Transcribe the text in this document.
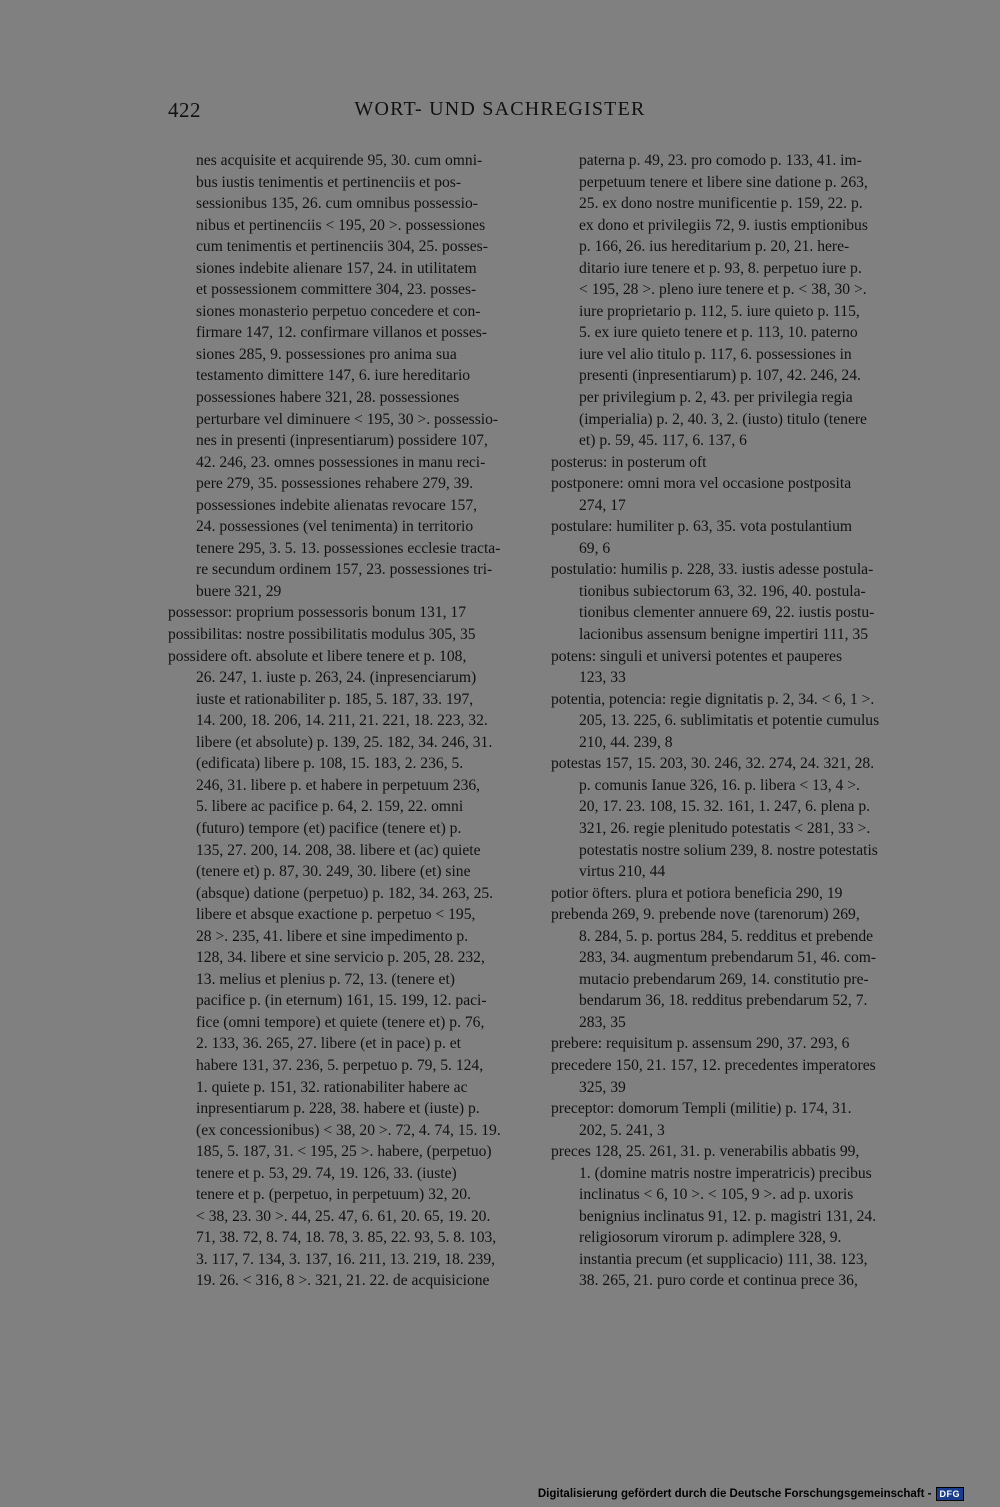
422	WORT- UND SACHREGISTER
nes acquisite et acquirende 95, 30. cum omni-
bus iustis tenimentis et pertinenciis et pos-
sessionibus 135, 26. cum omnibus possessio-
nibus et pertinenciis < 195, 20 >. possessiones
cum tenimentis et pertinenciis 304, 25. posses-
siones indebite alienare 157, 24. in utilitatem
et possessionem committere 304, 23. posses-
siones monasterio perpetuo concedere et con-
firmare 147, 12. confirmare villanos et posses-
siones 285, 9. possessiones pro anima sua
testamento dimittere 147, 6. iure hereditario
possessiones habere 321, 28. possessiones
perturbare vel diminuere < 195, 30 >. possessio-
nes in presenti (inpresentiarum) possidere 107,
42. 246, 23. omnes possessiones in manu reci-
pere 279, 35. possessiones rehabere 279, 39.
possessiones indebite alienatas revocare 157,
24. possessiones (vel tenimenta) in territorio
tenere 295, 3. 5. 13. possessiones ecclesie tracta-
re secundum ordinem 157, 23. possessiones tri-
buere 321, 29
possessor: proprium possessoris bonum 131, 17
possibilitas: nostre possibilitatis modulus 305, 35
possidere oft. absolute et libere tenere et p. 108,
26. 247, 1. iuste p. 263, 24. (inpresenciarum)
iuste et rationabiliter p. 185, 5. 187, 33. 197,
14. 200, 18. 206, 14. 211, 21. 221, 18. 223, 32.
libere (et absolute) p. 139, 25. 182, 34. 246, 31.
(edificata) libere p. 108, 15. 183, 2. 236, 5.
246, 31. libere p. et habere in perpetuum 236,
5. libere ac pacifice p. 64, 2. 159, 22. omni
(futuro) tempore (et) pacifice (tenere et) p.
135, 27. 200, 14. 208, 38. libere et (ac) quiete
(tenere et) p. 87, 30. 249, 30. libere (et) sine
(absque) datione (perpetuo) p. 182, 34. 263, 25.
libere et absque exactione p. perpetuo < 195,
28 >. 235, 41. libere et sine impedimento p.
128, 34. libere et sine servicio p. 205, 28. 232,
13. melius et plenius p. 72, 13. (tenere et)
pacifice p. (in eternum) 161, 15. 199, 12. paci-
fice (omni tempore) et quiete (tenere et) p. 76,
2. 133, 36. 265, 27. libere (et in pace) p. et
habere 131, 37. 236, 5. perpetuo p. 79, 5. 124,
1. quiete p. 151, 32. rationabiliter habere ac
inpresentiarum p. 228, 38. habere et (iuste) p.
(ex concessionibus) < 38, 20 >. 72, 4. 74, 15. 19.
185, 5. 187, 31. < 195, 25 >. habere, (perpetuo)
tenere et p. 53, 29. 74, 19. 126, 33. (iuste)
tenere et p. (perpetuo, in perpetuum) 32, 20.
< 38, 23. 30 >. 44, 25. 47, 6. 61, 20. 65, 19. 20.
71, 38. 72, 8. 74, 18. 78, 3. 85, 22. 93, 5. 8. 103,
3. 117, 7. 134, 3. 137, 16. 211, 13. 219, 18. 239,
19. 26. < 316, 8 >. 321, 21. 22. de acquisicione
paterna p. 49, 23. pro comodo p. 133, 41. im-
perpetuum tenere et libere sine datione p. 263,
25. ex dono nostre munificentie p. 159, 22. p.
ex dono et privilegiis 72, 9. iustis emptionibus
p. 166, 26. ius hereditarium p. 20, 21. here-
ditario iure tenere et p. 93, 8. perpetuo iure p.
< 195, 28 >. pleno iure tenere et p. < 38, 30 >.
iure proprietario p. 112, 5. iure quieto p. 115,
5. ex iure quieto tenere et p. 113, 10. paterno
iure vel alio titulo p. 117, 6. possessiones in
presenti (inpresentiarum) p. 107, 42. 246, 24.
per privilegium p. 2, 43. per privilegia regia
(imperialia) p. 2, 40. 3, 2. (iusto) titulo (tenere
et) p. 59, 45. 117, 6. 137, 6
posterus: in posterum oft
postponere: omni mora vel occasione postposita
274, 17
postulare: humiliter p. 63, 35. vota postulantium
69, 6
postulatio: humilis p. 228, 33. iustis adesse postula-
tionibus subiectorum 63, 32. 196, 40. postula-
tionibus clementer annuere 69, 22. iustis postu-
lacionibus assensum benigne impertiri 111, 35
potens: singuli et universi potentes et pauperes
123, 33
potentia, potencia: regie dignitatis p. 2, 34. < 6, 1 >.
205, 13. 225, 6. sublimitatis et potentie cumulus
210, 44. 239, 8
potestas 157, 15. 203, 30. 246, 32. 274, 24. 321, 28.
p. comunis Ianue 326, 16. p. libera < 13, 4 >.
20, 17. 23. 108, 15. 32. 161, 1. 247, 6. plena p.
321, 26. regie plenitudo potestatis < 281, 33 >.
potestatis nostre solium 239, 8. nostre potestatis
virtus 210, 44
potior öfters. plura et potiora beneficia 290, 19
prebenda 269, 9. prebende nove (tarenorum) 269,
8. 284, 5. p. portus 284, 5. redditus et prebende
283, 34. augmentum prebendarum 51, 46. com-
mutacio prebendarum 269, 14. constitutio pre-
bendarum 36, 18. redditus prebendarum 52, 7.
283, 35
prebere: requisitum p. assensum 290, 37. 293, 6
precedere 150, 21. 157, 12. precedentes imperatores
325, 39
preceptor: domorum Templi (militie) p. 174, 31.
202, 5. 241, 3
preces 128, 25. 261, 31. p. venerabilis abbatis 99,
1. (domine matris nostre imperatricis) precibus
inclinatus < 6, 10 >. < 105, 9 >. ad p. uxoris
benignius inclinatus 91, 12. p. magistri 131, 24.
religiosorum virorum p. adimplere 328, 9.
instantia precum (et supplicacio) 111, 38. 123,
38. 265, 21. puro corde et continua prece 36,
Digitalisierung gefördert durch die Deutsche Forschungsgemeinschaft - DFG
